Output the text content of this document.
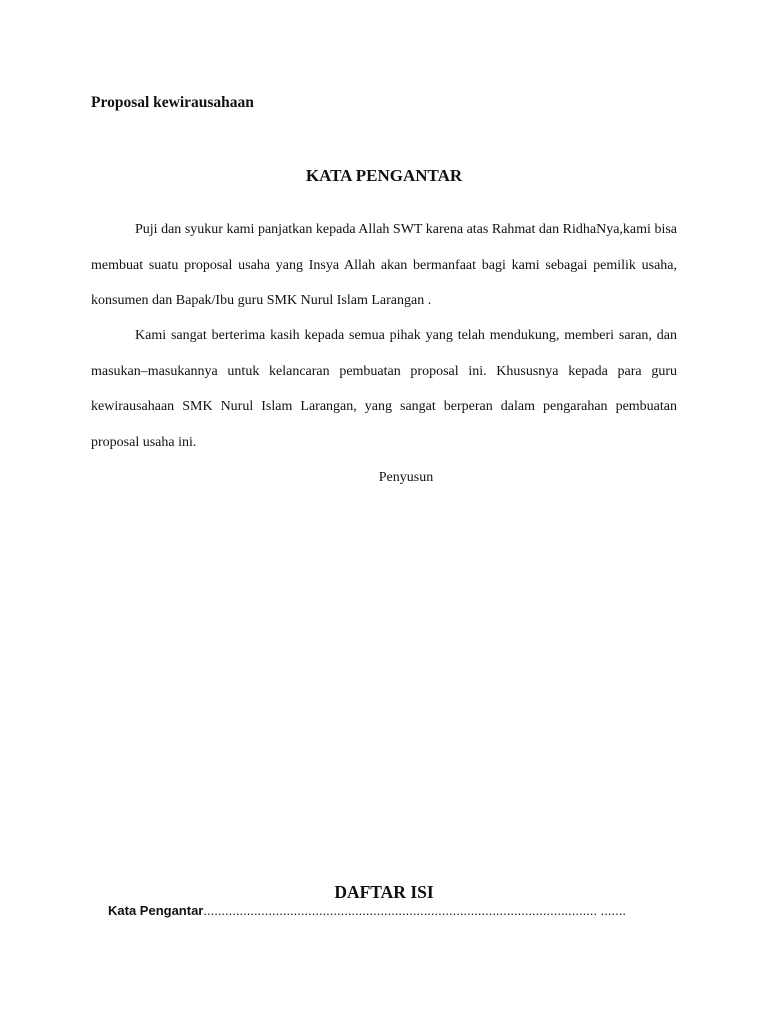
Proposal kewirausahaan

KATA PENGANTAR

Puji dan syukur kami panjatkan kepada Allah SWT karena atas Rahmat dan RidhaNya,kami bisa membuat suatu proposal usaha yang Insya Allah akan bermanfaat bagi kami sebagai pemilik usaha, konsumen dan Bapak/Ibu guru SMK Nurul Islam Larangan .

Kami sangat berterima kasih kepada semua pihak yang telah mendukung, memberi saran, dan masukan–masukannya untuk kelancaran pembuatan proposal ini. Khususnya kepada para guru kewirausahaan SMK Nurul Islam Larangan, yang sangat berperan dalam pengarahan pembuatan proposal usaha ini.

Penyusun

DAFTAR ISI
Kata Pengantar............................................................................................................. .......
